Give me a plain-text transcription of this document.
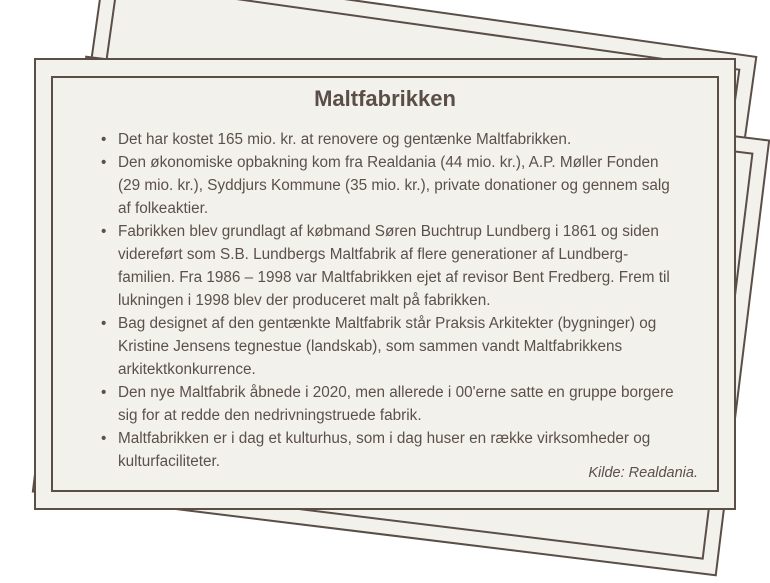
Maltfabrikken
• Det har kostet 165 mio. kr. at renovere og gentænke Maltfabrikken.
• Den økonomiske opbakning kom fra Realdania (44 mio. kr.), A.P. Møller Fonden (29 mio. kr.), Syddjurs Kommune (35 mio. kr.), private donationer og gennem salg af folkeaktier.
• Fabrikken blev grundlagt af købmand Søren Buchtrup Lundberg i 1861 og siden videreført som S.B. Lundbergs Maltfabrik af flere generationer af Lundberg-familien. Fra 1986 – 1998 var Maltfabrikken ejet af revisor Bent Fredberg. Frem til lukningen i 1998 blev der produceret malt på fabrikken.
• Bag designet af den gentænkte Maltfabrik står Praksis Arkitekter (bygninger) og Kristine Jensens tegnestue (landskab), som sammen vandt Maltfabrikkens arkitektkonkurrence.
• Den nye Maltfabrik åbnede i 2020, men allerede i 00'erne satte en gruppe borgere sig for at redde den nedrivningstruede fabrik.
• Maltfabrikken er i dag et kulturhus, som i dag huser en række virksomheder og kulturfaciliteter.
Kilde: Realdania.
